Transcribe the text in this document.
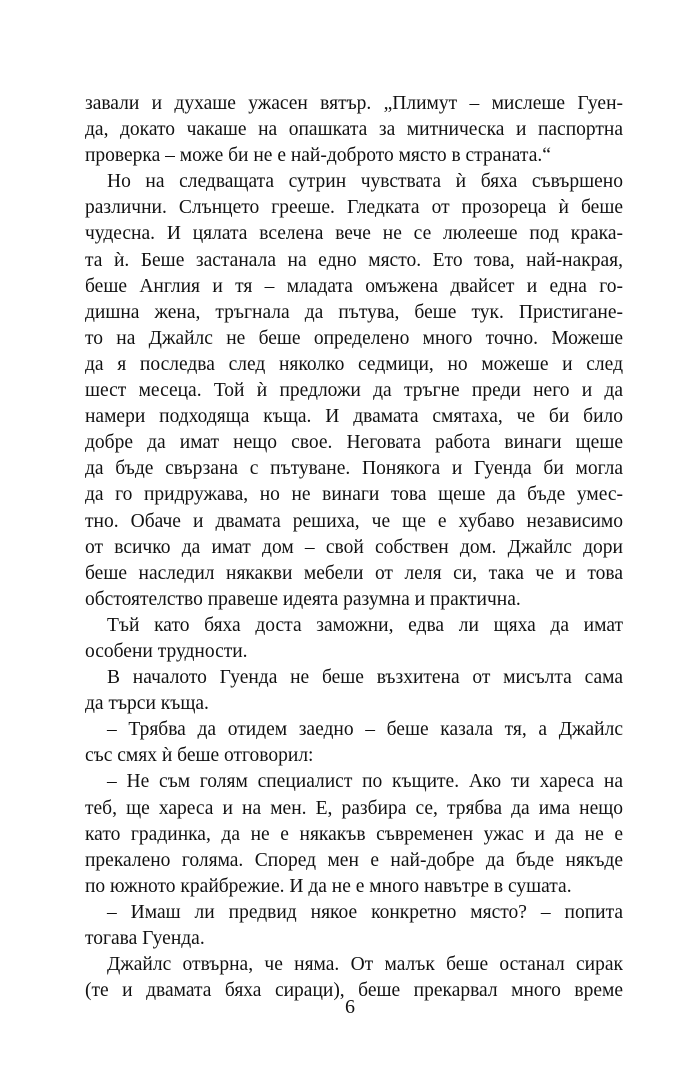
завали и духаше ужасен вятър. „Плимут – мислеше Гуен-
да, докато чакаше на опашката за митническа и паспортна
проверка – може би не е най-доброто място в страната.“
Но на следващата сутрин чувствата ѝ бяха съвършено
различни. Слънцето грееше. Гледката от прозореца ѝ беше
чудесна. И цялата вселена вече не се люлееше под крака-
та ѝ. Беше застанала на едно място. Ето това, най-накрая,
беше Англия и тя – младата омъжена двайсет и една го-
дишна жена, тръгнала да пътува, беше тук. Пристигане-
то на Джайлс не беше определено много точно. Можеше
да я последва след няколко седмици, но можеше и след
шест месеца. Той ѝ предложи да тръгне преди него и да
намери подходяща къща. И двамата смятаха, че би било
добре да имат нещо свое. Неговата работа винаги щеше
да бъде свързана с пътуване. Понякога и Гуенда би могла
да го придружава, но не винаги това щеше да бъде умес-
тно. Обаче и двамата решиха, че ще е хубаво независимо
от всичко да имат дом – свой собствен дом. Джайлс дори
беше наследил някакви мебели от леля си, така че и това
обстоятелство правеше идеята разумна и практична.
Тъй като бяха доста заможни, едва ли щяха да имат
особени трудности.
В началото Гуенда не беше възхитена от мисълта сама
да търси къща.
– Трябва да отидем заедно – беше казала тя, а Джайлс
със смях ѝ беше отговорил:
– Не съм голям специалист по къщите. Ако ти хареса на
теб, ще хареса и на мен. Е, разбира се, трябва да има нещо
като градинка, да не е някакъв съвременен ужас и да не е
прекалено голяма. Според мен е най-добре да бъде някъде
по южното крайбрежие. И да не е много навътре в сушата.
– Имаш ли предвид някое конкретно място? – попита
тогава Гуенда.
Джайлс отвърна, че няма. От малък беше останал сирак
(те и двамата бяха сираци), беше прекарвал много време
6
